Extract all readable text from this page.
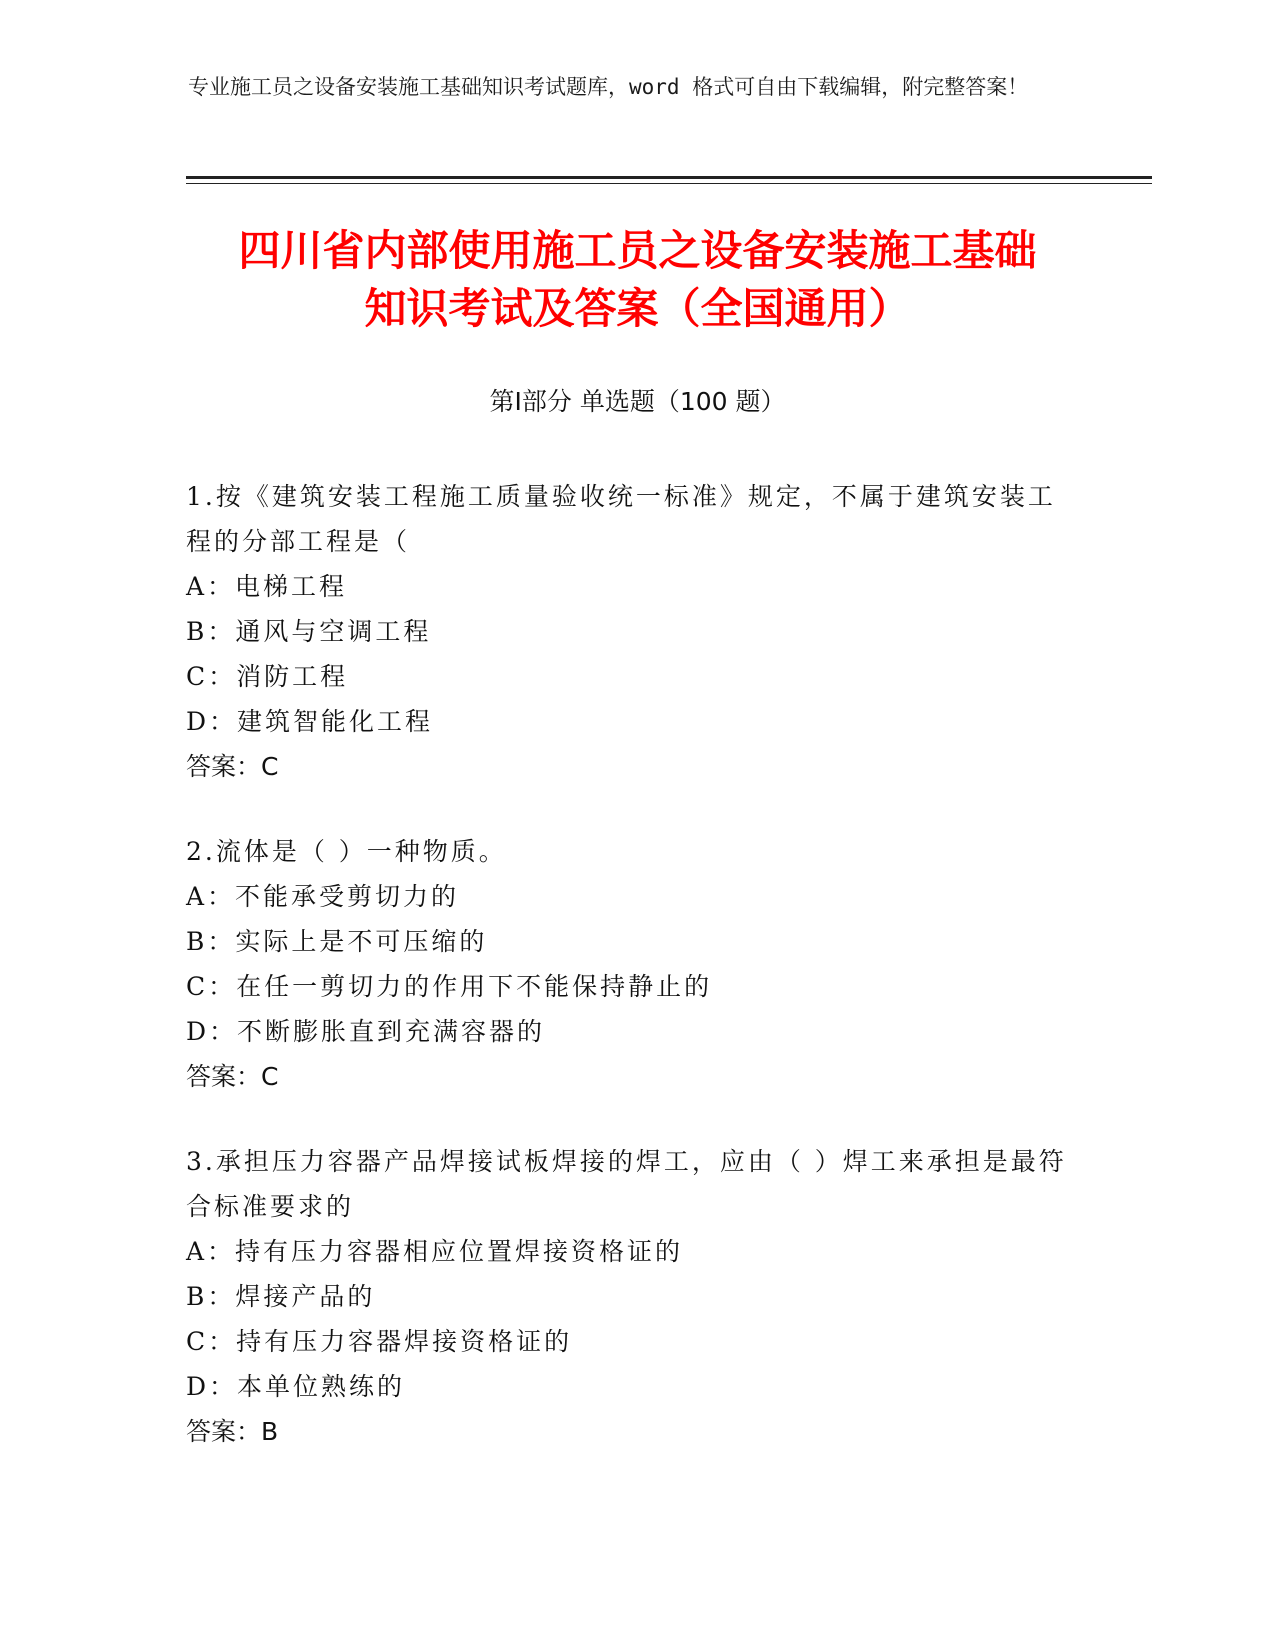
专业施工员之设备安装施工基础知识考试题库，word 格式可自由下载编辑，附完整答案！
四川省内部使用施工员之设备安装施工基础
知识考试及答案（全国通用）
第Ⅰ部分 单选题（100 题）

1.按《建筑安装工程施工质量验收统一标准》规定，不属于建筑安装工程的分部工程是（

A：电梯工程

B：通风与空调工程

C：消防工程

D：建筑智能化工程

答案：C

2.流体是（ ）一种物质。

A：不能承受剪切力的

B：实际上是不可压缩的

C：在任一剪切力的作用下不能保持静止的

D：不断膨胀直到充满容器的

答案：C

3.承担压力容器产品焊接试板焊接的焊工，应由（ ）焊工来承担是最符合标准要求的

A：持有压力容器相应位置焊接资格证的

B：焊接产品的

C：持有压力容器焊接资格证的

D：本单位熟练的

答案：B
